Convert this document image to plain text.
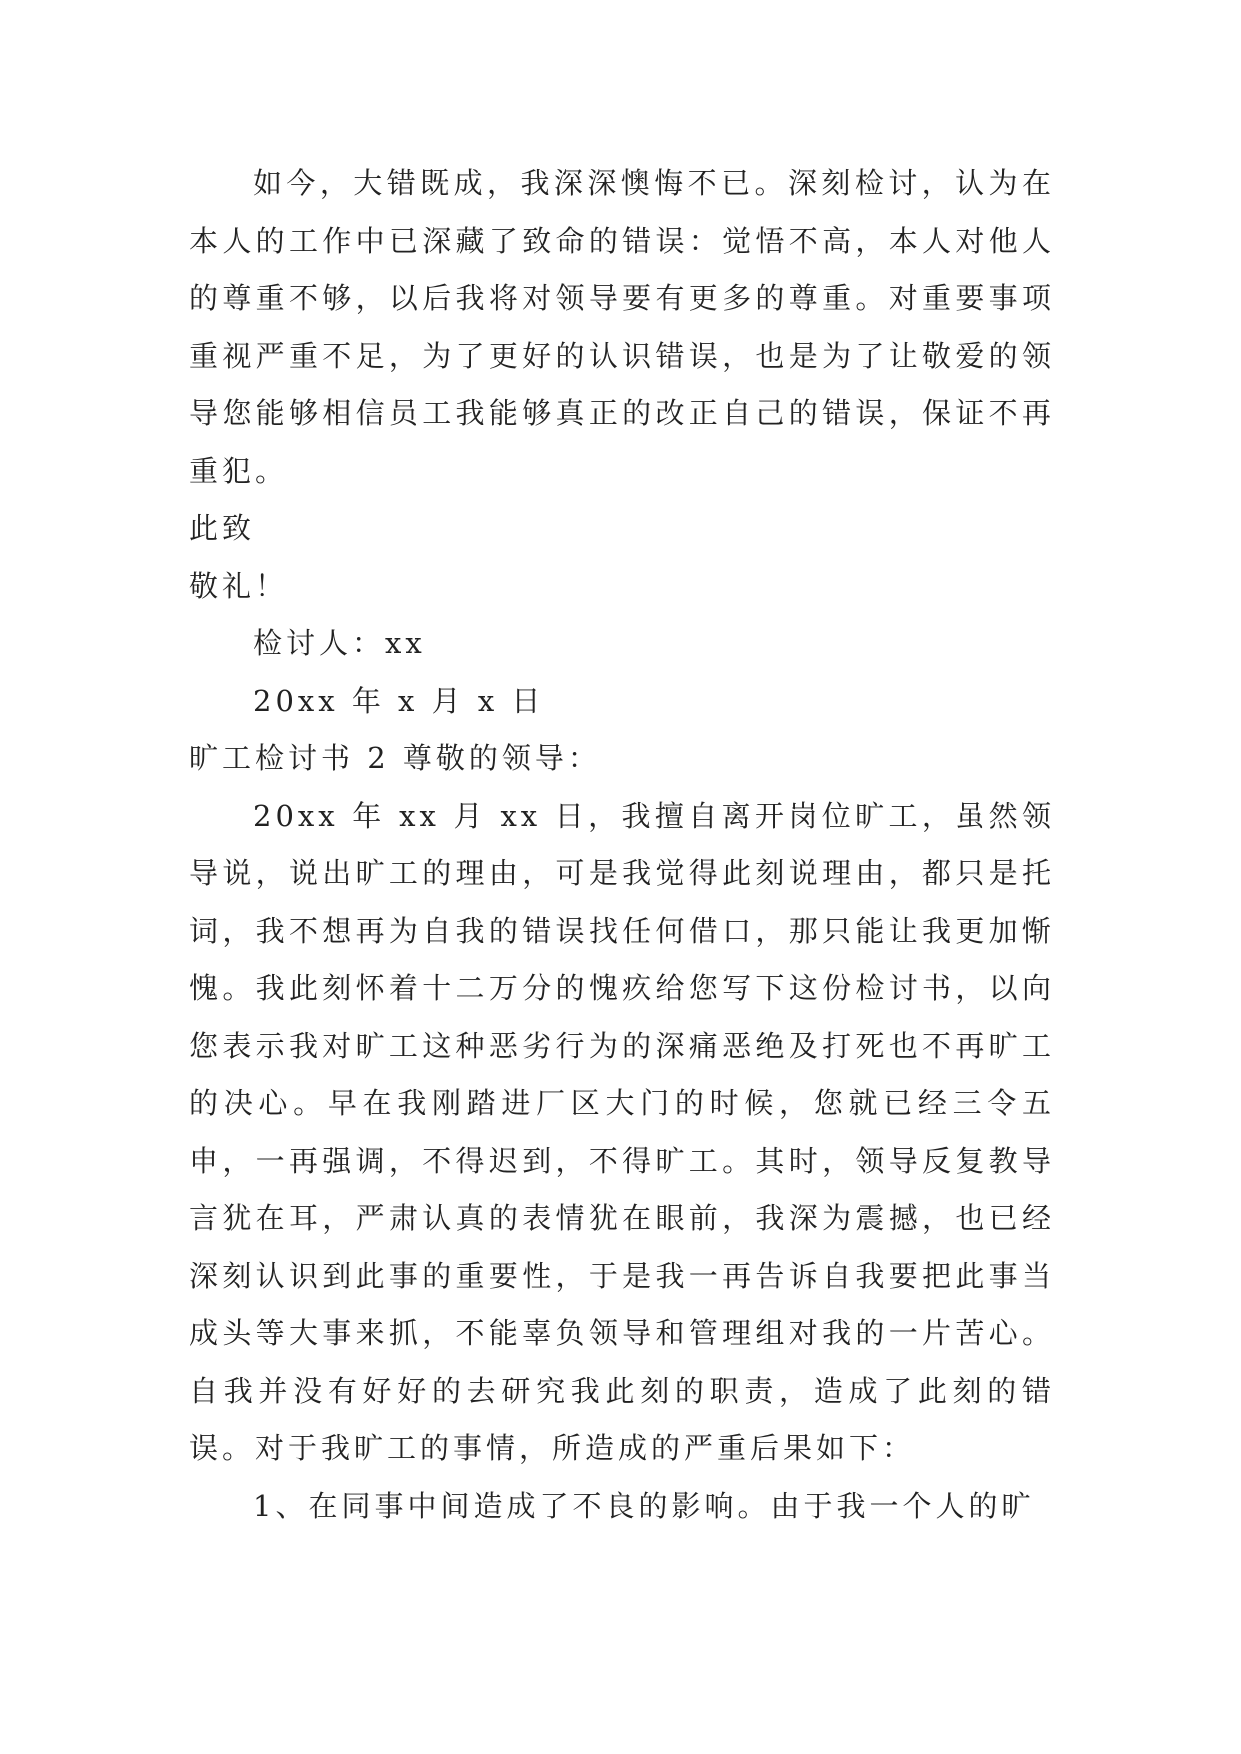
如今，大错既成，我深深懊悔不已。深刻检讨，认为在本人的工作中已深藏了致命的错误：觉悟不高，本人对他人的尊重不够，以后我将对领导要有更多的尊重。对重要事项重视严重不足，为了更好的认识错误，也是为了让敬爱的领导您能够相信员工我能够真正的改正自己的错误，保证不再重犯。

此致

敬礼！

检讨人：xx

20xx 年 x 月 x 日

旷工检讨书 2 尊敬的领导：

20xx 年 xx 月 xx 日，我擅自离开岗位旷工，虽然领导说，说出旷工的理由，可是我觉得此刻说理由，都只是托词，我不想再为自我的错误找任何借口，那只能让我更加惭愧。我此刻怀着十二万分的愧疚给您写下这份检讨书，以向您表示我对旷工这种恶劣行为的深痛恶绝及打死也不再旷工的决心。早在我刚踏进厂区大门的时候，您就已经三令五申，一再强调，不得迟到，不得旷工。其时，领导反复教导言犹在耳，严肃认真的表情犹在眼前，我深为震撼，也已经深刻认识到此事的重要性，于是我一再告诉自我要把此事当成头等大事来抓，不能辜负领导和管理组对我的一片苦心。自我并没有好好的去研究我此刻的职责，造成了此刻的错误。对于我旷工的事情，所造成的严重后果如下：

1、在同事中间造成了不良的影响。由于我一个人的旷
